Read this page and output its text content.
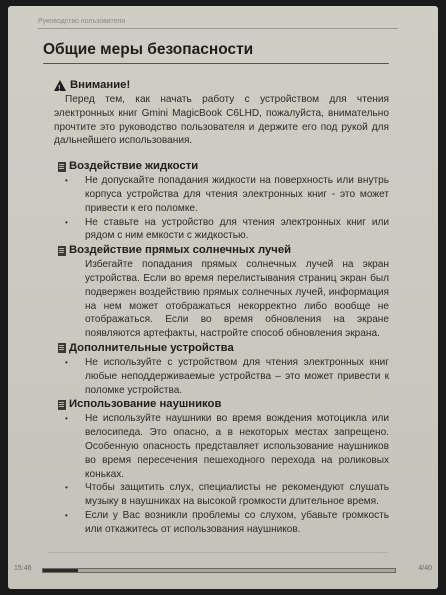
Руководство пользователя
Общие меры безопасности
!
Внимание!

Перед тем, как начать работу с устройством для чтения электронных книг Gmini MagicBook C6LHD, пожалуйста, внимательно прочтите это руководство пользователя и держите его под рукой для дальнейшего использования.

Воздействие жидкости
• Не допускайте попадания жидкости на поверхность или внутрь корпуса устройства для чтения электронных книг - это может привести к его поломке.
• Не ставьте на устройство для чтения электронных книг или рядом с ним емкости с жидкостью.
Воздействие прямых солнечных лучей

Избегайте попадания прямых солнечных лучей на экран устройства. Если во время перелистывания страниц экран был подвержен воздействию прямых солнечных лучей, информация на нем может отображаться некорректно либо вообще не отображаться. Если во время обновления на экране появляются артефакты, настройте способ обновления экрана.

Дополнительные устройства
• Не используйте с устройством для чтения электронных книг любые неподдерживаемые устройства – это может привести к поломке устройства.
Использование наушников
• Не используйте наушники во время вождения мотоцикла или велосипеда. Это опасно, а в некоторых местах запрещено. Особенную опасность представляет использование наушников во время пересечения пешеходного перехода на роликовых коньках.
• Чтобы защитить слух, специалисты не рекомендуют слушать музыку в наушниках на высокой громкости длительное время.
• Если у Вас возникли проблемы со слухом, убавьте громкость или откажитесь от использования наушников.
15:46	4/40
